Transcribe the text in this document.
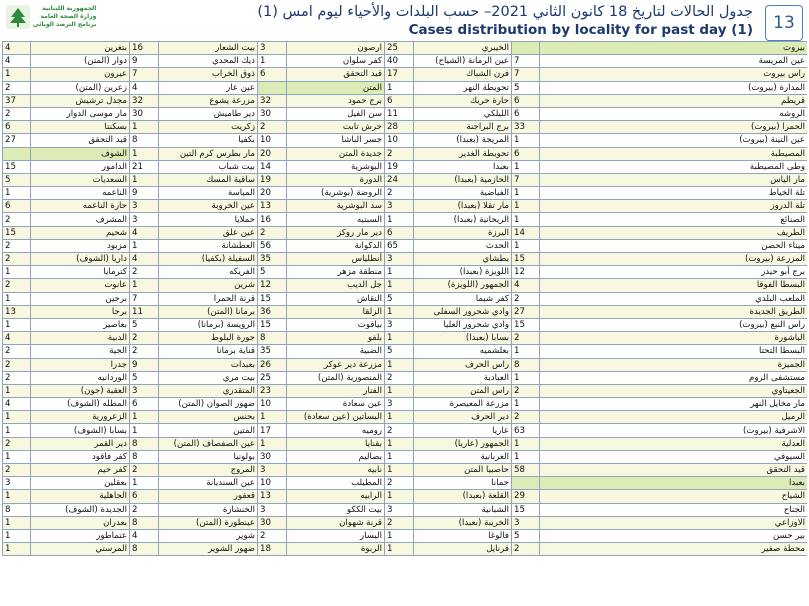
الجمهورية اللبنانية
وزارة الصحة العامة
برنامج الترصد الوبائي
جدول الحالات لتاريخ 18 كانون الثاني 2021– حسب البلدات والأحياء ليوم امس (1)
Cases distribution by locality for past day (1)	13
4	بتغرين	16	بيت الشعار	3	ارصون	25	الخيبري		بيروت
4	دوار (المتن)	9	ديك المحدي	1	كفر سلوان	40	عين الرمانة (الشياح)	7	عين المريسة
1	عيرون	7	ذوق الخراب	6	قيد التحقق	17	فرن الشباك	7	راس بيروت
2	زعرين (المتن)	4	عين عار		المتن	1	تحويطة النهر	5	المدارة (بيروت)
37	مجدل ترشيش	32	مزرعة يشوع	32	برج حمود	6	حارة حريك	6	قريطم
2	مار موسى الدوار	30	دير طاميش	30	سن الفيل	11	الليلكي	6	الروشه
6	بسكنتا	1	زكريت	2	حرش تابت	28	برج البراجنة	33	الحمرا (بيروت)
27	قيد التحقق	8	بكفيا	10	جسر الباشا	10	المريجة (بعبدا)	1	عين التينة (بيروت)
	الشوف	1	مار بطرس كرم التين	20	جديدة المتن	2	تحويطة الغدير	6	المصيطبة
15	الدامور	21	بيت شباب	14	البوشرية	19	بعبدا	1	وطى المصيطبة
5	السعديات	1	ساقية المسك	19	الدورة	24	الحازمية (بعبدا)	7	مار الياس
1	الناعمه	9	المياسة	20	الروضة (بوشرية)	2	الفياضية	1	تلة الخياط
6	حارة الناعمه	3	عين الخروبة	13	سد البوشرية	3	مار تقلا (بعبدا)	1	تلة الدروز
2	المشرف	3	حملايا	16	السبتيه	1	الريحانية (بعبدا)	1	الصنائع
15	شحيم	4	عين علق	2	دير مار روكز	6	اليرزة	14	الطريف
2	مزبود	1	العطشانة	56	الدكوانة	65	الحدث	1	ميناء الحصن
2	داريا (الشوف)	4	السفيلة (بكفيا)	35	أنطلياس	3	بطشاي	15	المزرعة (بيروت)
1	كترمايا	2	الفريكه	5	منطقة مزهر	1	اللويزة (بعبدا)	12	برج أبو حيدر
2	عانوت	1	شرين	12	جل الديب	1	الجمهور (اللويزة)	4	البسطا الفوقا
1	برجين	7	قرنة الحمرا	15	النقاش	5	كفر شيما	2	الملعب البلدي
13	برجا	11	برمانا (المتن)	36	الزلقا	1	وادي شحرور السفلى	27	الطريق الجديدة
1	بعاصير	5	الرويسة (برمانا)	15	بياقوت	3	وادي شحرور العليا	15	راس النبع (بيروت)
4	الدبية	2	جورة البلوط	8	بلفو	1	بسابا (بعبدا)	2	الباشورة
2	الجية	2	قناية برمانا	35	الضبية	5	بعلشميه	1	البسطا التحتا
2	جدرا	9	بعبدات	26	مزرعة دير عوكر	1	راس الحرف	8	الجميزة
2	الوردانيه	5	بيت مري	25	المنصورية (المتن)	2	العبادية	1	مستشفى الروم
1	العقبة (جون)	3	المتقدري	23	الفنار	1	راس المتن	2	الجعيتاوي
4	المطله (الشوف)	6	ضهور الصوان (المتن)	10	عين سعادة	3	مزرعة المعيصرة	1	مار مخايل النهر
1	الزعرورية	1	بحنس	1	البساتين (عين سعادة)	1	دير الحرف	2	الرميل
1	بسابا (الشوف)	1	المتين	17	روميه	2	عاريا	63	الاشرفية (بيروت)
2	دير القمر	8	عين الصفصاف (المتن)	1	بقنايا	1	الجمهور (عاريا)	1	العدلية
1	كفر فاقود	8	بولونيا	30	بصاليم	1	العربانية	1	السيوفي
2	كفر حيم	2	المروج	3	نابيه	1	حاصبيا المتن	58	قيد التحقق
3	بعقلين	1	عين السنديانة	10	المطيلب	2	حمانا		بعبدا
1	الجاهلية	6	قعقور	13	الرابيه	1	القلعة (بعبدا)	29	الشياح
8	الجديدة (الشوف)	2	الخنشارة	3	بيت الككو	3	الشبانية	15	الجناح
1	بعدران	8	عينطورة (المتن)	30	قرنة شهوان	2	الخريبة (بعبدا)	3	الاوزاعي
1	عتماطور	4	شوير	2	اليسار	1	فالوغا	5	بير حسن
1	المرستي	8	ضهور الشوير	18	الربوة	1	قرنايل	2	محطة صفير
